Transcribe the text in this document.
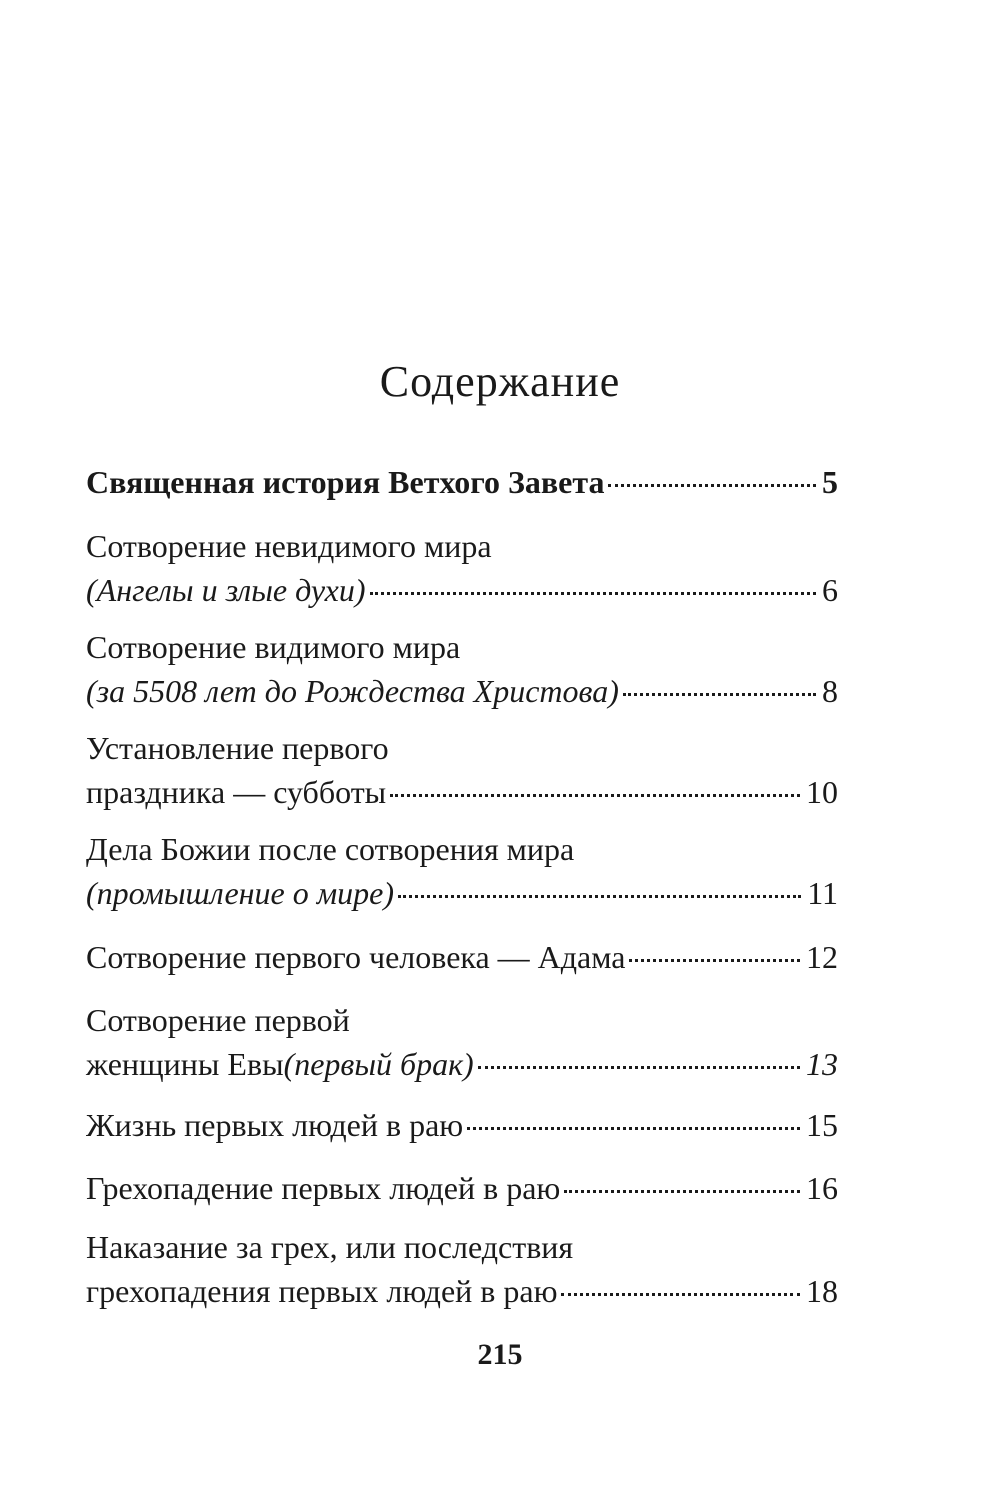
Содержание
Священная история Ветхого Завета	5
Сотворение невидимого мира
(Ангелы и злые духи)	6
Сотворение видимого мира
(за 5508 лет до Рождества Христова)	8
Установление первого
праздника — субботы	10
Дела Божии после сотворения мира
(промышление о мире)	11
Сотворение первого человека — Адама	12
Сотворение первой
женщины Евы (первый брак)	13
Жизнь первых людей в раю	15
Грехопадение первых людей в раю	16
Наказание за грех, или последствия
грехопадения первых людей в раю	18
215
